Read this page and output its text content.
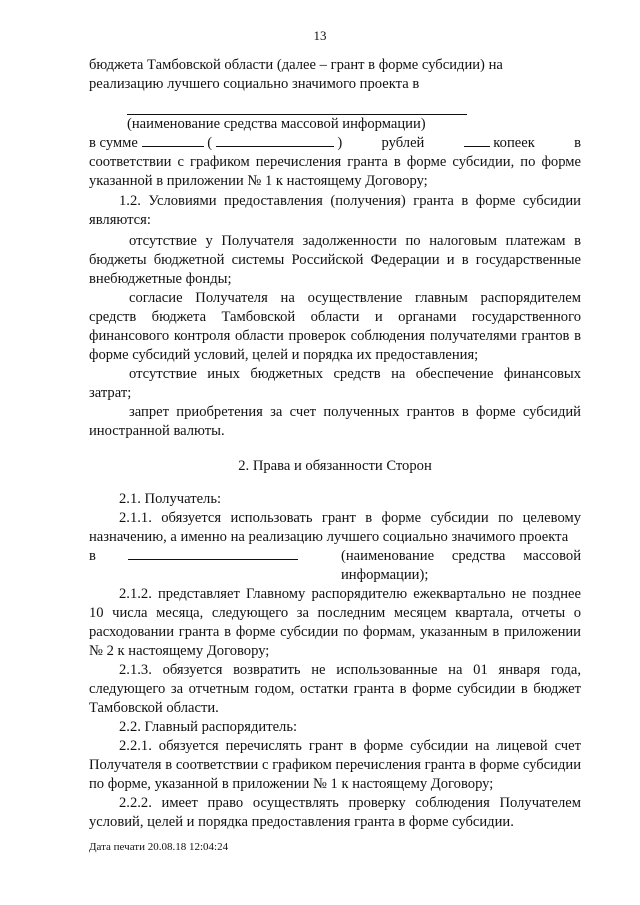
13

бюджета Тамбовской области (далее – грант в форме субсидии) на

реализацию лучшего социально значимого проекта в

(наименование средства массовой информации)

в сумме	(	)	рублей	копеек	в

соответствии с графиком перечисления гранта в форме субсидии, по форме указанной в приложении № 1 к настоящему Договору;

1.2. Условиями предоставления (получения) гранта в форме субсидии являются:

отсутствие у Получателя задолженности по налоговым платежам в бюджеты бюджетной системы Российской Федерации и в государственные внебюджетные фонды;

согласие Получателя на осуществление главным распорядителем средств бюджета Тамбовской области и органами государственного финансового контроля области проверок соблюдения получателями грантов в форме субсидий условий, целей и порядка их предоставления;

отсутствие иных бюджетных средств на обеспечение финансовых затрат;

запрет приобретения за счет полученных грантов в форме субсидий иностранной валюты.

2. Права и обязанности Сторон

2.1. Получатель:

2.1.1. обязуется использовать грант в форме субсидии по целевому назначению, а именно на реализацию лучшего социально значимого проекта

в	(наименование средства массовой информации);

2.1.2. представляет Главному распорядителю ежеквартально не позднее 10 числа месяца, следующего за последним месяцем квартала, отчеты о расходовании гранта в форме субсидии по формам, указанным в приложении № 2 к настоящему Договору;

2.1.3. обязуется возвратить не использованные на 01 января года, следующего за отчетным годом, остатки гранта в форме субсидии в бюджет Тамбовской области.

2.2. Главный распорядитель:

2.2.1. обязуется перечислять грант в форме субсидии на лицевой счет Получателя в соответствии с графиком перечисления гранта в форме субсидии по форме, указанной в приложении № 1 к настоящему Договору;

2.2.2. имеет право осуществлять проверку соблюдения Получателем условий, целей и порядка предоставления гранта в форме субсидии.

Дата печати 20.08.18 12:04:24
